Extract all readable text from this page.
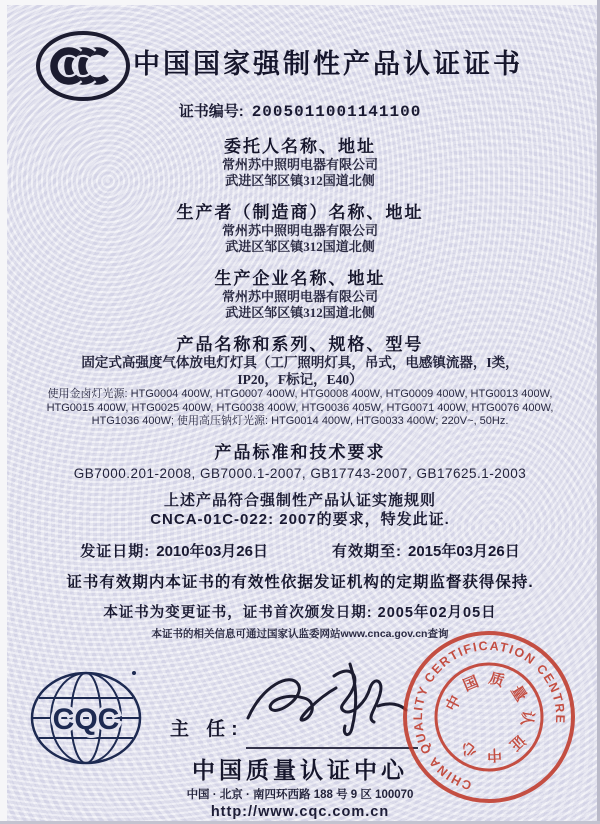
中国国家强制性产品认证证书
证书编号: 2005011001141100
委托人名称、地址
常州苏中照明电器有限公司
武进区邹区镇312国道北侧
生产者（制造商）名称、地址
常州苏中照明电器有限公司
武进区邹区镇312国道北侧
生产企业名称、地址
常州苏中照明电器有限公司
武进区邹区镇312国道北侧
产品名称和系列、规格、型号
固定式高强度气体放电灯灯具（工厂照明灯具，吊式，电感镇流器，I类，
IP20，F标记，E40）
使用金卤灯光源: HTG0004 400W, HTG0007 400W, HTG0008 400W, HTG0009 400W, HTG0013 400W,
HTG0015 400W, HTG0025 400W, HTG0038 400W, HTG0036 405W, HTG0071 400W, HTG0076 400W,
HTG1036 400W; 使用高压钠灯光源: HTG0014 400W, HTG0033 400W; 220V~, 50Hz.
产品标准和技术要求
GB7000.201-2008, GB7000.1-2007, GB17743-2007, GB17625.1-2003
上述产品符合强制性产品认证实施规则
CNCA-01C-022: 2007的要求，特发此证.
发证日期: 2010年03月26日	有效期至: 2015年03月26日
证书有效期内本证书的有效性依据发证机构的定期监督获得保持.
本证书为变更证书，证书首次颁发日期: 2005年02月05日
本证书的相关信息可通过国家认监委网站www.cnca.gov.cn查询
CQC	主 任:
中国质量认证中心
中国 · 北京 · 南四环西路 188 号 9 区 100070
http://www.cqc.com.cn
CHINA QUALITY CERTIFICATION CENTRE
中国质量认证中心
